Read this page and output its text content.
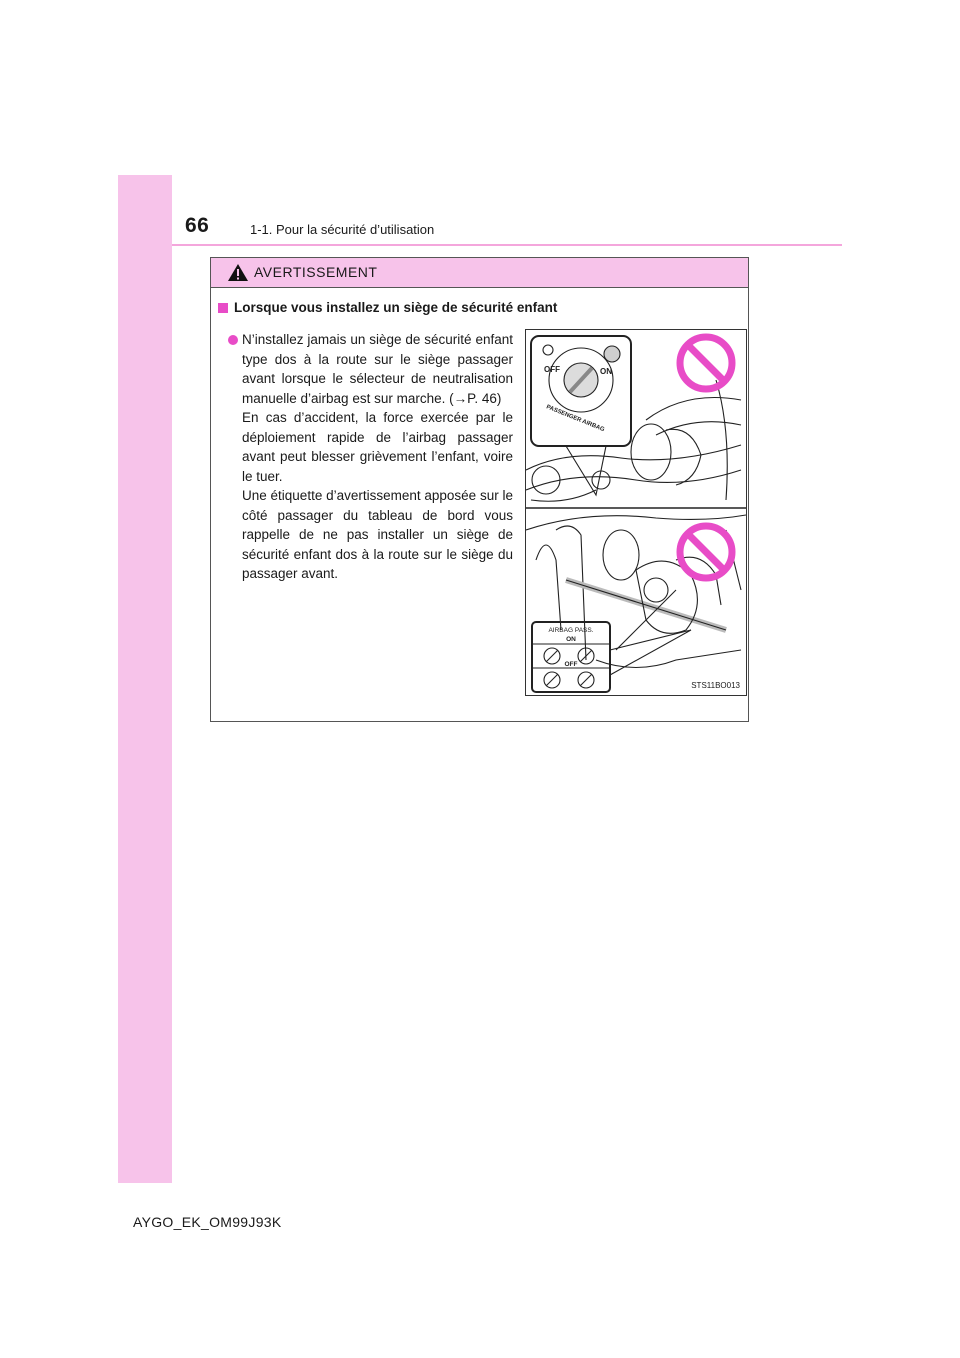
66	1-1. Pour la sécurité d’utilisation
AVERTISSEMENT
Lorsque vous installez un siège de sécurité enfant

N’installez jamais un siège de sécurité enfant type dos à la route sur le siège passager avant lorsque le sélecteur de neutralisation manuelle d’airbag est sur marche. (→P. 46)

En cas d’accident, la force exercée par le déploiement rapide de l’airbag passager avant peut blesser grièvement l’enfant, voire le tuer.

Une étiquette d’avertissement apposée sur le côté passager du tableau de bord vous rappelle de ne pas installer un siège de sécurité enfant dos à la route sur le siège du passager avant.

OFF	ON
PASSENGER AIRBAG
AIRBAG PASS.
ON
OFF
STS11BO013
AYGO_EK_OM99J93K
